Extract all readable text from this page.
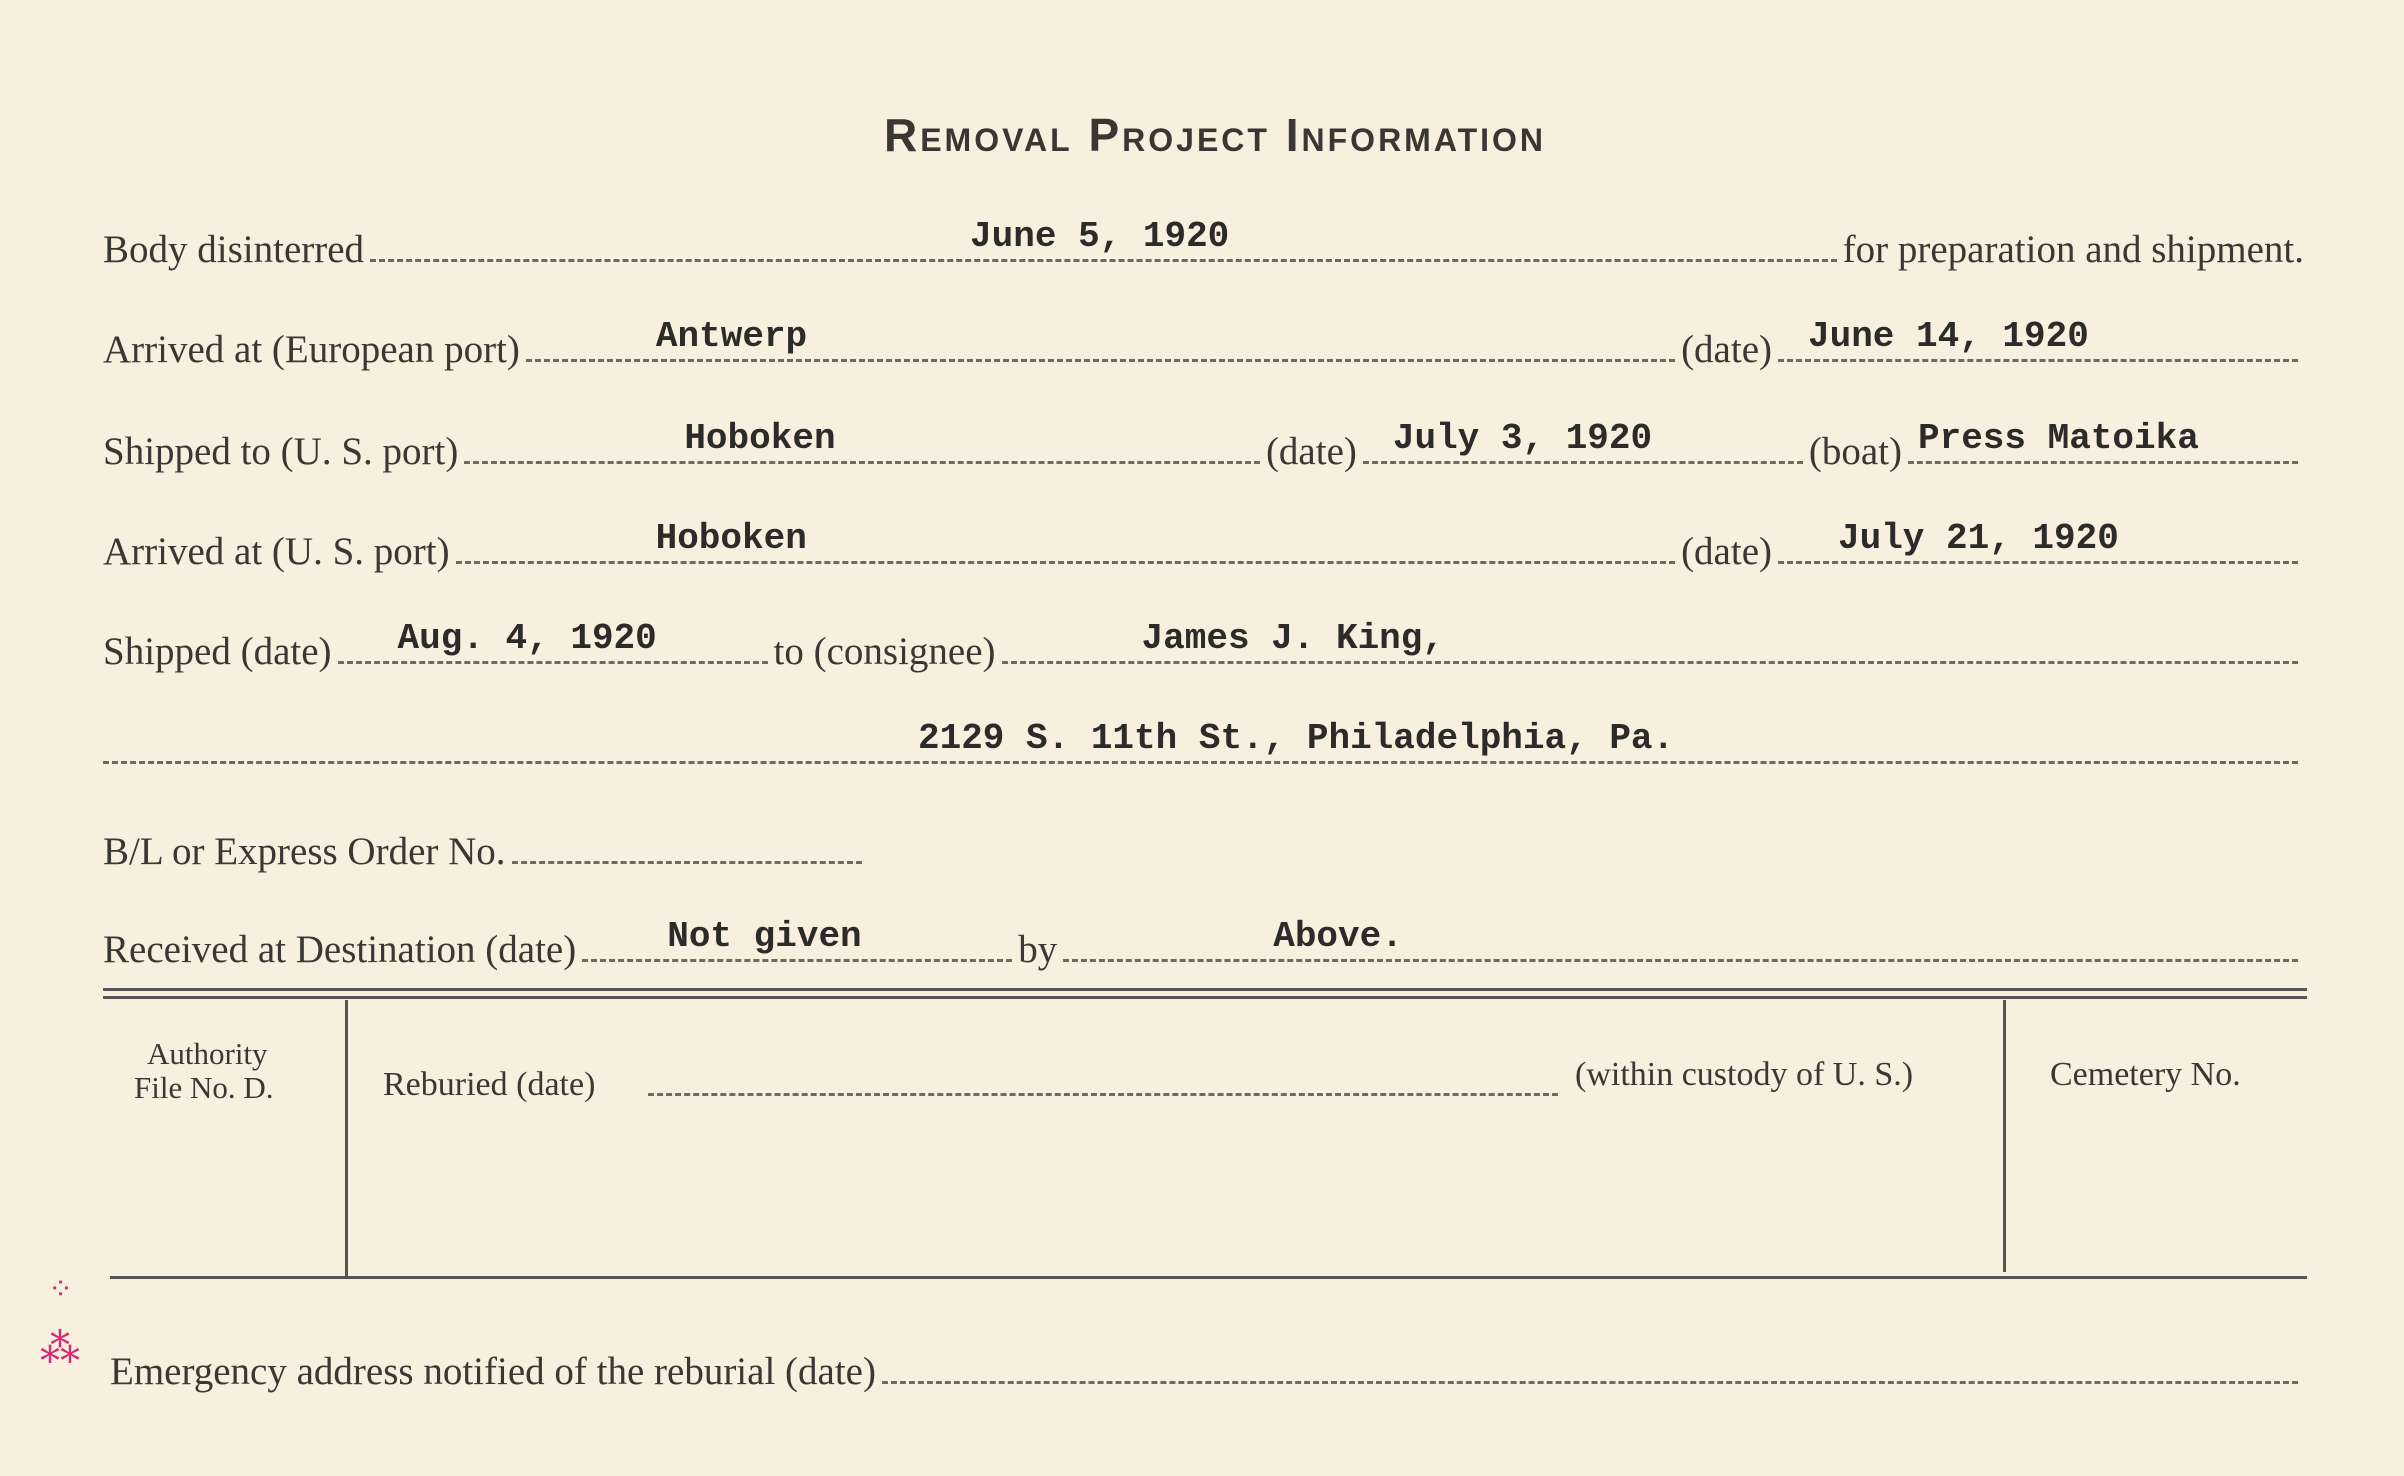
Removal Project Information
Body disinterred	June 5, 1920	for preparation and shipment.
Arrived at (European port)	Antwerp	(date) June 14, 1920
Shipped to (U. S. port)	Hoboken	(date) July 3, 1920	(boat) Press Matoika
Arrived at (U. S. port)	Hoboken	(date) July 21, 1920
Shipped (date) Aug. 4, 1920	to (consignee)	James J. King,
2129 S. 11th St., Philadelphia, Pa.
B/L or Express Order No.
Received at Destination (date)	Not given	by	Above.
Authority
File No. D.	Reburied (date)	(within custody of U. S.)	Cemetery No.
Emergency address notified of the reburial (date)
⁘
⁂
